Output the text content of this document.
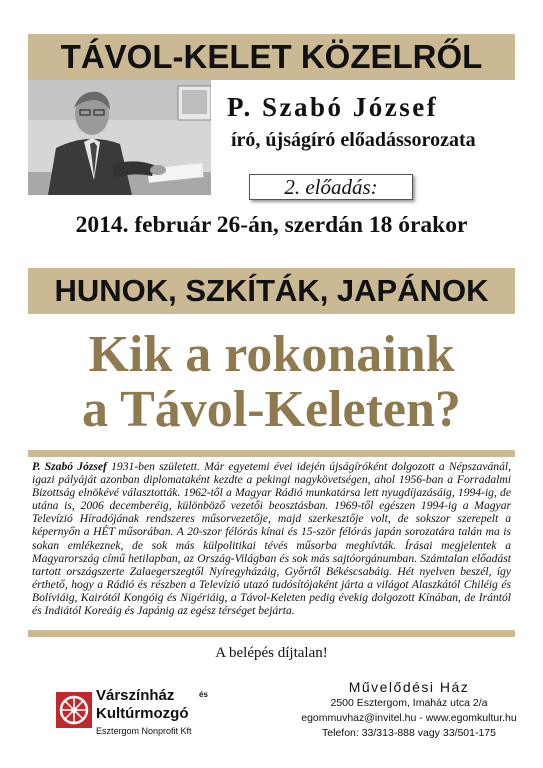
TÁVOL-KELET KÖZELRŐL
P. Szabó József
író, újságíró előadássorozata
2. előadás:
2014. február 26-án, szerdán 18 órakor
HUNOK, SZKÍTÁK, JAPÁNOK
Kik a rokonaink
a Távol-Keleten?
P. Szabó József 1931-ben született. Már egyetemi évei idején újságíróként dolgozott a Népszavánál, igazi pályáját azonban diplomataként kezdte a pekingi nagykövetségen, ahol 1956-ban a Forradalmi Bizottság elnökévé választották. 1962-től a Magyar Rádió munkatársa lett nyugdíjazásáig, 1994-ig, de utána is, 2006 decemberéig, különböző vezetői beosztásban. 1969-től egészen 1994-ig a Magyar Televízió Híradójának rendszeres műsorvezetője, majd szerkesztője volt, de sokszor szerepelt a képernyőn a HÉT műsorában. A 20-szor félórás kínai és 15-ször félórás japán sorozatára talán ma is sokan emlékeznek, de sok más külpolitikai tévés műsorba meghívták. Írásai megjelentek a Magyarország című hetilapban, az Ország-Világban és sok más sajtóorgánumban. Számtalan előadást tartott országszerte Zalaegerszegtől Nyíregyházáig, Győrtől Békéscsabáig. Hét nyelven beszél, így érthető, hogy a Rádió és részben a Televízió utazó tudósítójaként járta a világot Alaszkától Chiléig és Bolíviáig, Kairótól Kongóig és Nigériáig, a Távol-Keleten pedig évekig dolgozott Kínában, de Irántól és Indiától Koreáig és Japánig az egész térséget bejárta.
A belépés díjtalan!
Várszínház	és
Kultúrmozgó
Esztergom Nonprofit Kft
Művelődési Ház
2500 Esztergom, Imaház utca 2/a
egommuvhaz@invitel.hu - www.egomkultur.hu
Telefon: 33/313-888 vagy 33/501-175
